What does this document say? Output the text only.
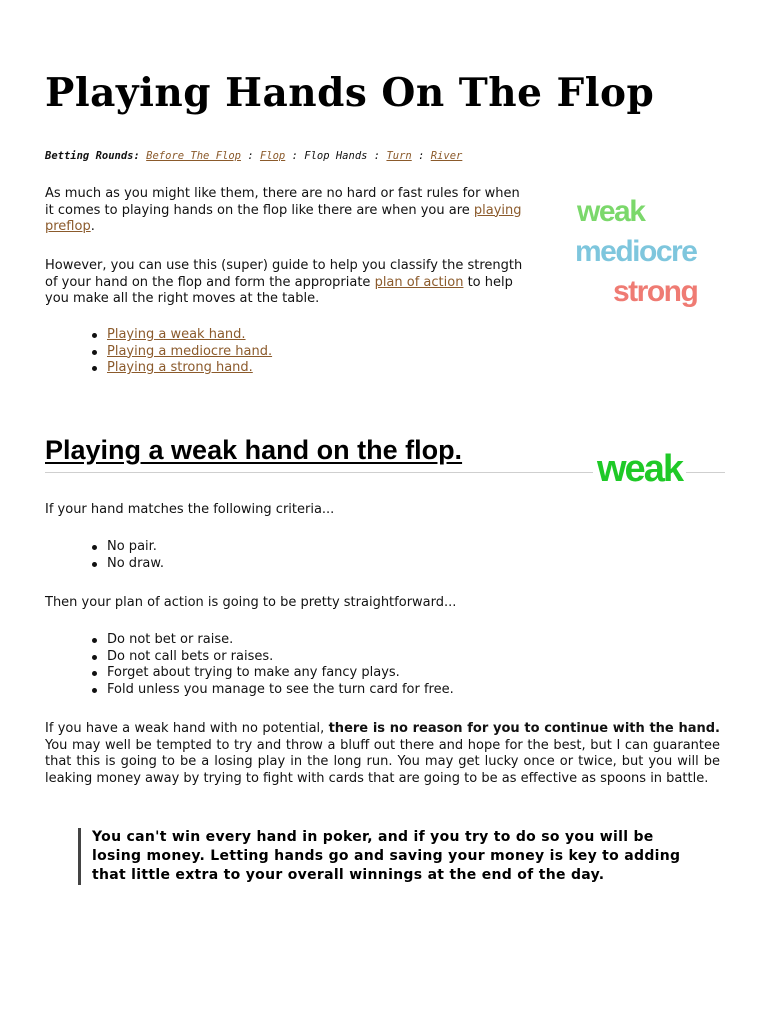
Playing Hands On The Flop
Betting Rounds: Before The Flop : Flop : Flop Hands : Turn : River

As much as you might like them, there are no hard or fast rules for when it comes to playing hands on the flop like there are when you are playing preflop.

However, you can use this (super) guide to help you classify the strength of your hand on the flop and form the appropriate plan of action to help you make all the right moves at the table.

Playing a weak hand.
Playing a mediocre hand.
Playing a strong hand.
weak
mediocre
strong
Playing a weak hand on the flop.	weak

If your hand matches the following criteria...

No pair.
No draw.

Then your plan of action is going to be pretty straightforward...

Do not bet or raise.
Do not call bets or raises.
Forget about trying to make any fancy plays.
Fold unless you manage to see the turn card for free.

If you have a weak hand with no potential, there is no reason for you to continue with the hand. You may well be tempted to try and throw a bluff out there and hope for the best, but I can guarantee that this is going to be a losing play in the long run. You may get lucky once or twice, but you will be leaking money away by trying to fight with cards that are going to be as effective as spoons in battle.

You can't win every hand in poker, and if you try to do so you will be losing money. Letting hands go and saving your money is key to adding that little extra to your overall winnings at the end of the day.
